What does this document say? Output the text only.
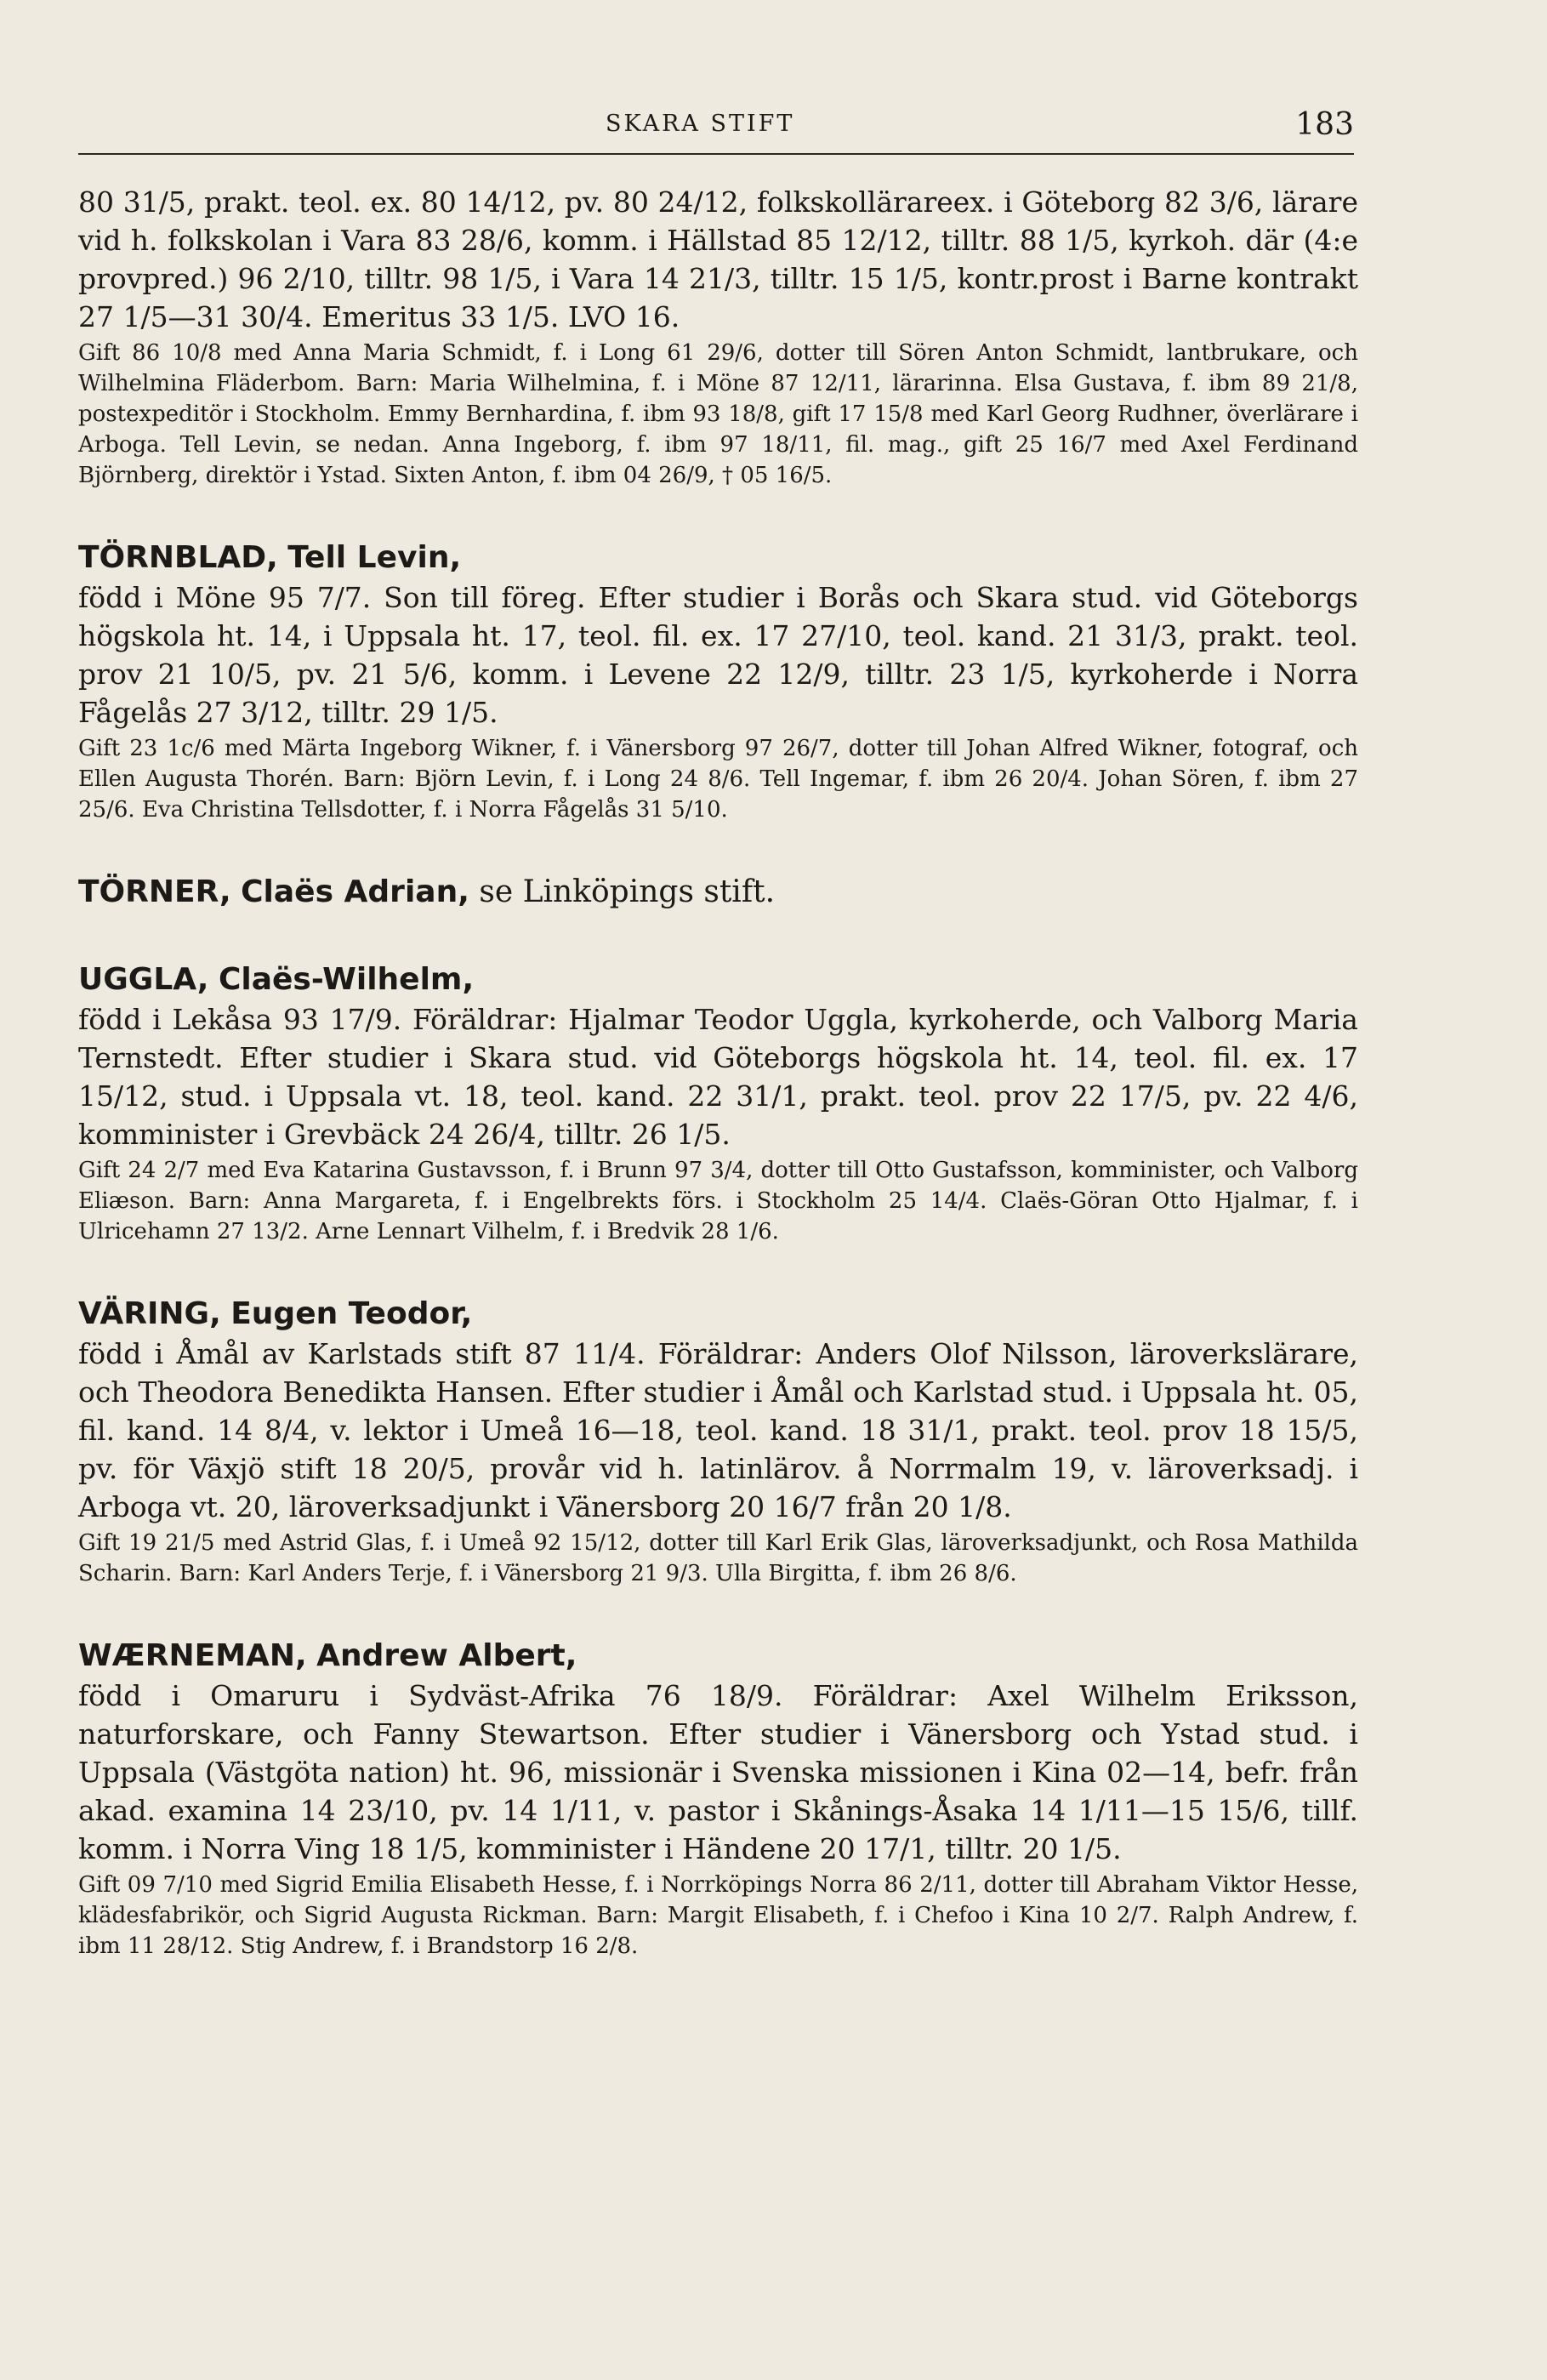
SKARA STIFT	183

80 31/5, prakt. teol. ex. 80 14/12, pv. 80 24/12, folkskollärareex. i Göteborg 82 3/6, lärare vid h. folkskolan i Vara 83 28/6, komm. i Hällstad 85 12/12, tilltr. 88 1/5, kyrkoh. där (4:e provpred.) 96 2/10, tilltr. 98 1/5, i Vara 14 21/3, tilltr. 15 1/5, kontr.prost i Barne kontrakt 27 1/5—31 30/4. Emeritus 33 1/5. LVO 16.

Gift 86 10/8 med Anna Maria Schmidt, f. i Long 61 29/6, dotter till Sören Anton Schmidt, lantbrukare, och Wilhelmina Fläderbom. Barn: Maria Wilhelmina, f. i Möne 87 12/11, lärarinna. Elsa Gustava, f. ibm 89 21/8, postexpeditör i Stockholm. Emmy Bernhardina, f. ibm 93 18/8, gift 17 15/8 med Karl Georg Rudhner, överlärare i Arboga. Tell Levin, se nedan. Anna Ingeborg, f. ibm 97 18/11, fil. mag., gift 25 16/7 med Axel Ferdinand Björnberg, direktör i Ystad. Sixten Anton, f. ibm 04 26/9, † 05 16/5.

TÖRNBLAD, Tell Levin,

född i Möne 95 7/7. Son till föreg. Efter studier i Borås och Skara stud. vid Göteborgs högskola ht. 14, i Uppsala ht. 17, teol. fil. ex. 17 27/10, teol. kand. 21 31/3, prakt. teol. prov 21 10/5, pv. 21 5/6, komm. i Levene 22 12/9, tilltr. 23 1/5, kyrkoherde i Norra Fågelås 27 3/12, tilltr. 29 1/5.

Gift 23 1c/6 med Märta Ingeborg Wikner, f. i Vänersborg 97 26/7, dotter till Johan Alfred Wikner, fotograf, och Ellen Augusta Thorén. Barn: Björn Levin, f. i Long 24 8/6. Tell Ingemar, f. ibm 26 20/4. Johan Sören, f. ibm 27 25/6. Eva Christina Tellsdotter, f. i Norra Fågelås 31 5/10.

TÖRNER, Claës Adrian, se Linköpings stift.

UGGLA, Claës-Wilhelm,

född i Lekåsa 93 17/9. Föräldrar: Hjalmar Teodor Uggla, kyrkoherde, och Valborg Maria Ternstedt. Efter studier i Skara stud. vid Göteborgs högskola ht. 14, teol. fil. ex. 17 15/12, stud. i Uppsala vt. 18, teol. kand. 22 31/1, prakt. teol. prov 22 17/5, pv. 22 4/6, komminister i Grevbäck 24 26/4, tilltr. 26 1/5.

Gift 24 2/7 med Eva Katarina Gustavsson, f. i Brunn 97 3/4, dotter till Otto Gustafsson, komminister, och Valborg Eliæson. Barn: Anna Margareta, f. i Engelbrekts förs. i Stockholm 25 14/4. Claës-Göran Otto Hjalmar, f. i Ulricehamn 27 13/2. Arne Lennart Vilhelm, f. i Bredvik 28 1/6.

VÄRING, Eugen Teodor,

född i Åmål av Karlstads stift 87 11/4. Föräldrar: Anders Olof Nilsson, läroverkslärare, och Theodora Benedikta Hansen. Efter studier i Åmål och Karlstad stud. i Uppsala ht. 05, fil. kand. 14 8/4, v. lektor i Umeå 16—18, teol. kand. 18 31/1, prakt. teol. prov 18 15/5, pv. för Växjö stift 18 20/5, provår vid h. latinlärov. å Norrmalm 19, v. läroverksadj. i Arboga vt. 20, läroverksadjunkt i Vänersborg 20 16/7 från 20 1/8.

Gift 19 21/5 med Astrid Glas, f. i Umeå 92 15/12, dotter till Karl Erik Glas, läroverksadjunkt, och Rosa Mathilda Scharin. Barn: Karl Anders Terje, f. i Vänersborg 21 9/3. Ulla Birgitta, f. ibm 26 8/6.

WÆRNEMAN, Andrew Albert,

född i Omaruru i Sydväst-Afrika 76 18/9. Föräldrar: Axel Wilhelm Eriksson, naturforskare, och Fanny Stewartson. Efter studier i Vänersborg och Ystad stud. i Uppsala (Västgöta nation) ht. 96, missionär i Svenska missionen i Kina 02—14, befr. från akad. examina 14 23/10, pv. 14 1/11, v. pastor i Skånings-Åsaka 14 1/11—15 15/6, tillf. komm. i Norra Ving 18 1/5, komminister i Händene 20 17/1, tilltr. 20 1/5.

Gift 09 7/10 med Sigrid Emilia Elisabeth Hesse, f. i Norrköpings Norra 86 2/11, dotter till Abraham Viktor Hesse, klädesfabrikör, och Sigrid Augusta Rickman. Barn: Margit Elisabeth, f. i Chefoo i Kina 10 2/7. Ralph Andrew, f. ibm 11 28/12. Stig Andrew, f. i Brandstorp 16 2/8.
